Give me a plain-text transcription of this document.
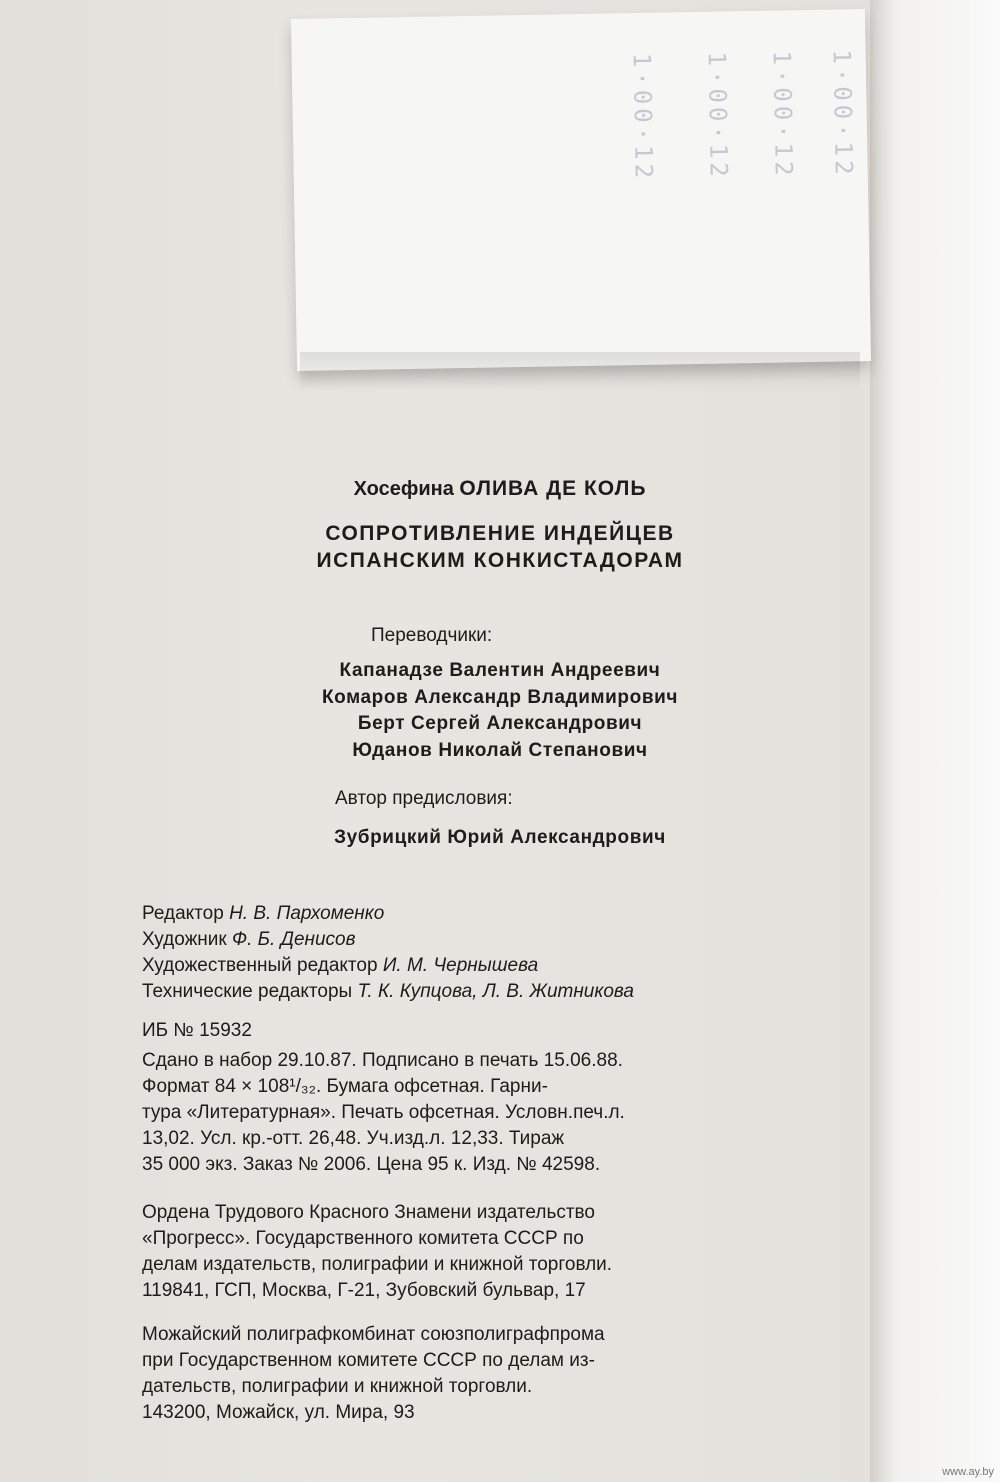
1·00·12 1·00·12 1·00·12 1·00·12
Хосефина ОЛИВА ДЕ КОЛЬ
СОПРОТИВЛЕНИЕ ИНДЕЙЦЕВ
ИСПАНСКИМ КОНКИСТАДОРАМ
Переводчики:
Капанадзе Валентин Андреевич
Комаров Александр Владимирович
Берт Сергей Александрович
Юданов Николай Степанович
Автор предисловия:
Зубрицкий Юрий Александрович
Редактор Н. В. Пархоменко
Художник Ф. Б. Денисов
Художественный редактор И. М. Чернышева
Технические редакторы Т. К. Купцова, Л. В. Житникова
ИБ № 15932
Сдано в набор 29.10.87. Подписано в печать 15.06.88.
Формат 84 × 108¹/₃₂. Бумага офсетная. Гарни-
тура «Литературная». Печать офсетная. Условн.печ.л.
13,02. Усл. кр.-отт. 26,48. Уч.изд.л. 12,33. Тираж
35 000 экз. Заказ № 2006. Цена 95 к. Изд. № 42598.
Ордена Трудового Красного Знамени издательство
«Прогресс». Государственного комитета СССР по
делам издательств, полиграфии и книжной торговли.
119841, ГСП, Москва, Г-21, Зубовский бульвар, 17
Можайский полиграфкомбинат союзполиграфпрома
при Государственном комитете СССР по делам из-
дательств, полиграфии и книжной торговли.
143200, Можайск, ул. Мира, 93
www.ay.by
